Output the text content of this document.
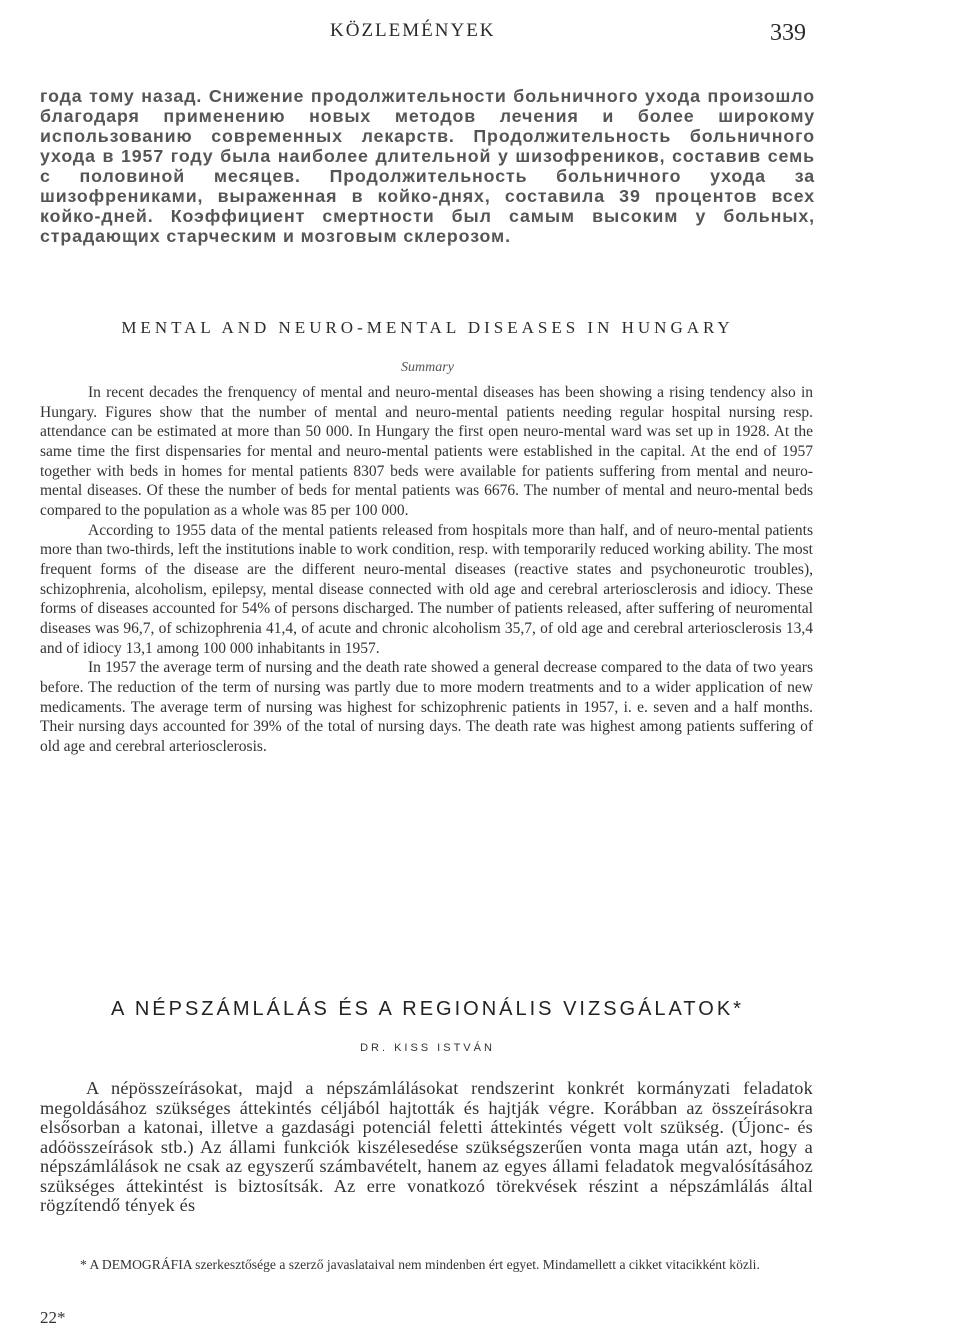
KÖZLEMÉNYEK	339

года тому назад. Снижение продолжительности больничного ухода произошло благодаря применению новых методов лечения и более широкому использованию современных лекарств. Продолжительность больничного ухода в 1957 году была наиболее длительной у шизофреников, составив семь с половиной месяцев. Продолжительность больничного ухода за шизофрениками, выраженная в койко-днях, составила 39 процентов всех койко-дней. Коэффициент смертности был самым высоким у больных, страдающих старческим и мозговым склерозом.

MENTAL AND NEURO-MENTAL DISEASES IN HUNGARY
Summary

In recent decades the frenquency of mental and neuro-mental diseases has been showing a rising tendency also in Hungary. Figures show that the number of mental and neuro-mental patients needing regular hospital nursing resp. attendance can be estimated at more than 50 000. In Hungary the first open neuro-mental ward was set up in 1928. At the same time the first dispensaries for mental and neuro-mental patients were established in the capital. At the end of 1957 together with beds in homes for mental patients 8307 beds were available for patients suffering from mental and neuro-mental diseases. Of these the number of beds for mental patients was 6676. The number of mental and neuro-mental beds compared to the population as a whole was 85 per 100 000.

According to 1955 data of the mental patients released from hospitals more than half, and of neuro-mental patients more than two-thirds, left the institutions inable to work condition, resp. with temporarily reduced working ability. The most frequent forms of the disease are the different neuro-mental diseases (reactive states and psychoneurotic troubles), schizophrenia, alcoholism, epilepsy, mental disease connected with old age and cerebral arteriosclerosis and idiocy. These forms of diseases accounted for 54% of persons discharged. The number of patients released, after suffering of neuromental diseases was 96,7, of schizophrenia 41,4, of acute and chronic alcoholism 35,7, of old age and cerebral arteriosclerosis 13,4 and of idiocy 13,1 among 100 000 inhabitants in 1957.

In 1957 the average term of nursing and the death rate showed a general decrease compared to the data of two years before. The reduction of the term of nursing was partly due to more modern treatments and to a wider application of new medicaments. The average term of nursing was highest for schizophrenic patients in 1957, i. e. seven and a half months. Their nursing days accounted for 39% of the total of nursing days. The death rate was highest among patients suffering of old age and cerebral arteriosclerosis.

A NÉPSZÁMLÁLÁS ÉS A REGIONÁLIS VIZSGÁLATOK*
DR. KISS ISTVÁN

A népösszeírásokat, majd a népszámlálásokat rendszerint konkrét kormányzati feladatok megoldásához szükséges áttekintés céljából hajtották és hajtják végre. Korábban az összeírásokra elsősorban a katonai, illetve a gazdasági potenciál feletti áttekintés végett volt szükség. (Újonc- és adóösszeírások stb.) Az állami funkciók kiszélesedése szükségszerűen vonta maga után azt, hogy a népszámlálások ne csak az egyszerű számbavételt, hanem az egyes állami feladatok megvalósításához szükséges áttekintést is biztosítsák. Az erre vonatkozó törekvések részint a népszámlálás által rögzítendő tények és

* A DEMOGRÁFIA szerkesztősége a szerző javaslataival nem mindenben ért egyet. Mindamellett a cikket vitacikként közli.

22*
